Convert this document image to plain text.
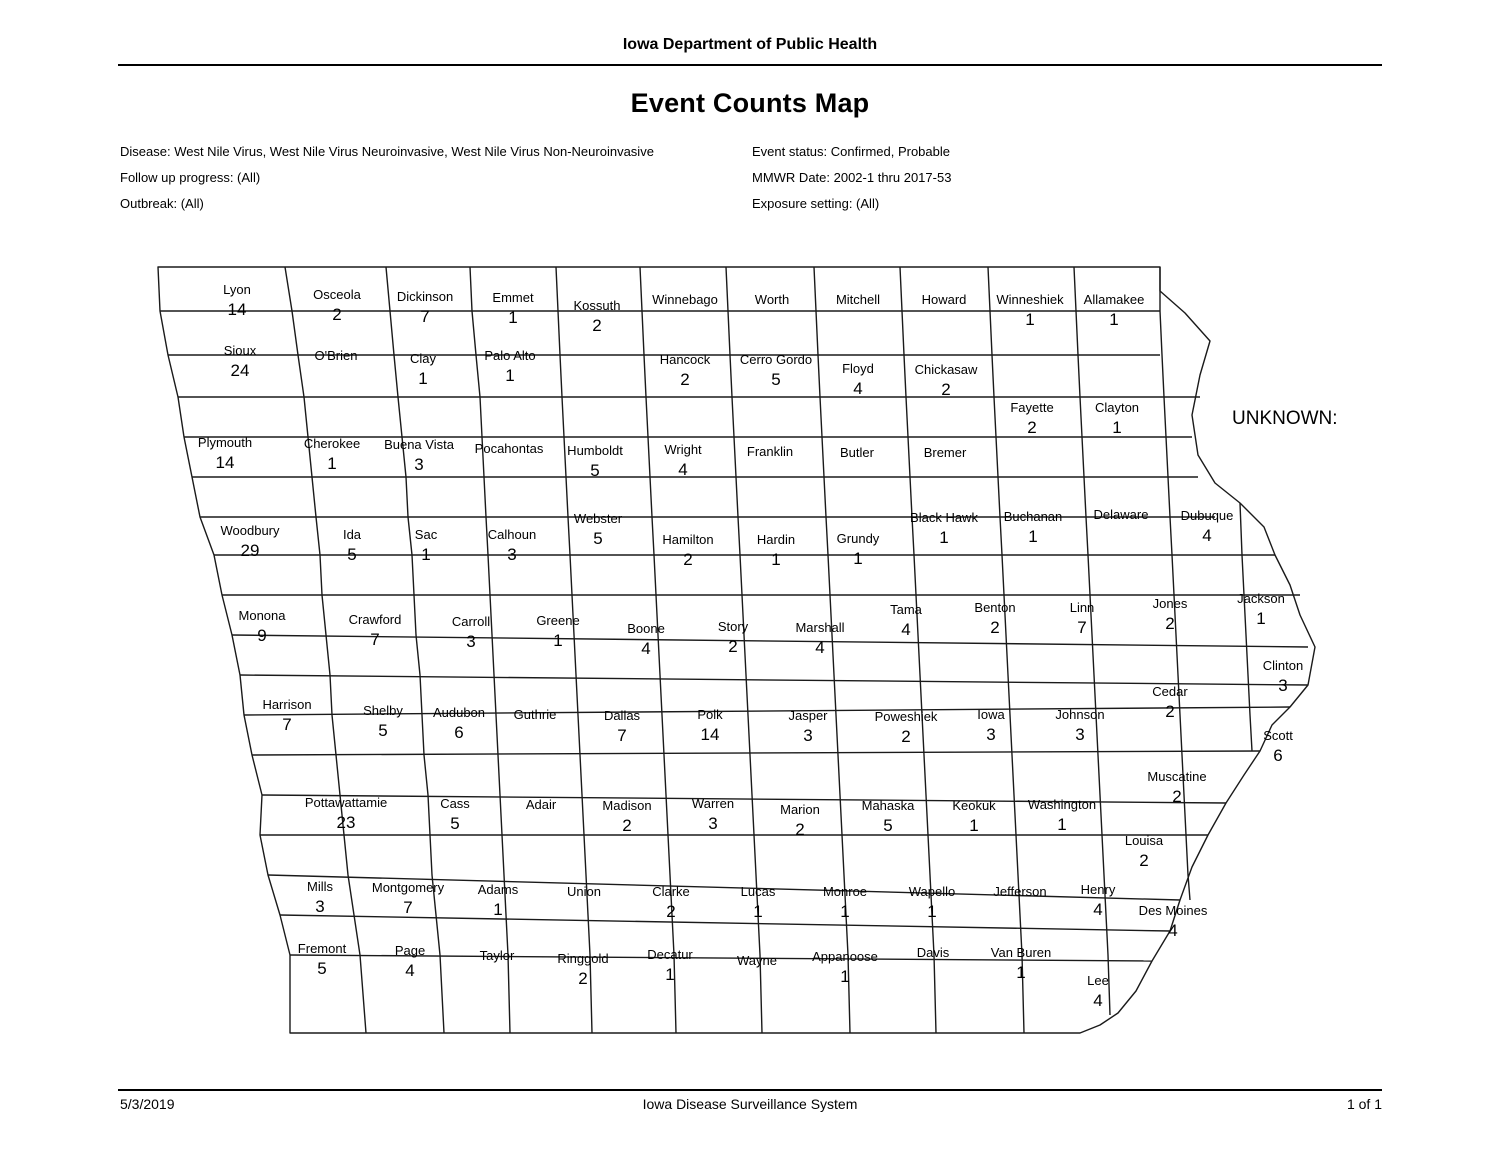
Iowa Department of Public Health
Event Counts Map
Disease: West Nile Virus, West Nile Virus Neuroinvasive, West Nile Virus Non-Neuroinvasive
Follow up progress: (All)
Outbreak: (All)
Event status: Confirmed, Probable
MMWR Date: 2002-1 thru 2017-53
Exposure setting: (All)
UNKNOWN:
Lyon
14
Osceola
2
Dickinson
7
Emmet
1
Kossuth
2
Winnebago	Worth	Mitchell	Howard Winneshiek
1
Allamakee
1
Sioux
24
O'Brien	Clay
1
Palo Alto
1
Hancock
2
Cerro Gordo
5
Floyd
4
Chickasaw
2
Fayette
2
Clayton
1
Plymouth
14
Cherokee
1
Buena Vista
3
Pocahontas Humboldt
5
Wright
4
Franklin	Butler	Bremer
Woodbury
29
Ida
5
Sac
1
Calhoun
3
Webster
5	Hamilton
2
Hardin
1
Grundy
1
Black Hawk
1
Buchanan
1
Delaware Dubuque
4
Monona
9
Crawford
7
Carroll
3
Greene
1
Boone
4
Story
2
Marshall
4
Tama
4
Benton
2
Linn
7
Jones
2
Jackson
1
Clinton
3
Harrison
7
Shelby
5
Audubon
6
Guthrie	Dallas
7
Polk
14
Jasper
3
Poweshiek
2
Iowa
3
Johnson
3
Cedar
2
Scott
6
Pottawattamie
23
Cass
5
Adair	Madison
2
Warren
3
Marion
2
Mahaska
5
Keokuk
1
Washington
1
Muscatine
2
Louisa
2
Mills
3
Montgomery
7
Adams
1
Union	Clarke
2
Lucas
1
Monroe
1
Wapello
1
Jefferson	Henry
4	Des Moines
4
Fremont
5
Page
4
Taylor	Ringgold
2
Decatur
1
Wayne	Appanoose
1
Davis	Van Buren
1	Lee
4
5/3/2019	Iowa Disease Surveillance System	1 of 1
